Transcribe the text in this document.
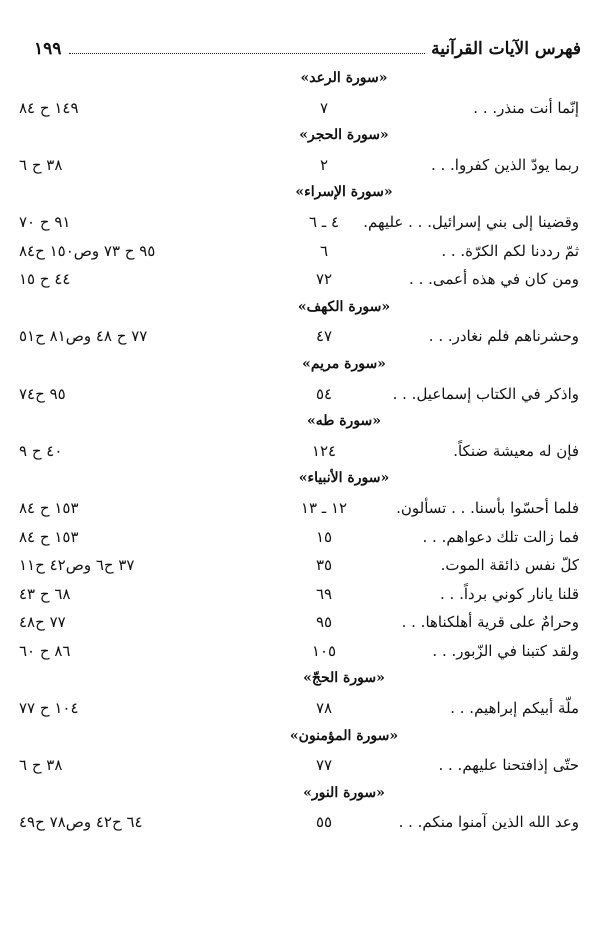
فهرس الآيات القرآنية
١٩٩
«سورة الرعد»
إنّما أنت منذر. . .
٧
١٤٩ ح ٨٤
«سورة الحجر»
ربما يودّ الذين كفروا. . .
٢
٣٨ ح ٦
«سورة الإسراء»
وقضينا إلى بني إسرائيل. . . عليهم.
٤ ـ ٦
٩١ ح ٧٠
ثمّ رددنا لكم الكرّة. . .
٦
٩٥ ح ٧٣ وص١٥٠ ح٨٤
ومن كان في هذه أعمى. . .
٧٢
٤٤ ح ١٥
«سورة الكهف»
وحشرناهم فلم نغادر. . .
٤٧
٧٧ ح ٤٨ وص٨١ ح٥١
«سورة مريم»
واذكر في الكتاب إسماعيل. . .
٥٤
٩٥ ح٧٤
«سورة طه»
فإن له معيشة ضنكاً.
١٢٤
٤٠ ح ٩
«سورة الأنبياء»
فلما أحسّوا بأسنا. . . تسألون.
١٢ ـ ١٣
١٥٣ ح ٨٤
فما زالت تلك دعواهم. . .
١٥
١٥٣ ح ٨٤
كلّ نفس ذائقة الموت.
٣٥
٣٧ ح٦ وص٤٢ ح١١
قلنا يانار كوني برداً. . .
٦٩
٦٨ ح ٤٣
وحرامٌ على قرية أهلكناها. . .
٩٥
٧٧ ح٤٨
ولقد كتبنا في الزّبور. . .
١٠٥
٨٦ ح ٦٠
«سورة الحجّ»
ملّة أبيكم إبراهيم. . .
٧٨
١٠٤ ح ٧٧
«سورة المؤمنون»
حتّى إذافتحنا عليهم. . .
٧٧
٣٨ ح ٦
«سورة النور»
وعد الله الذين آمنوا منكم. . .
٥٥
٦٤ ح٤٢ وص٧٨ ح٤٩
